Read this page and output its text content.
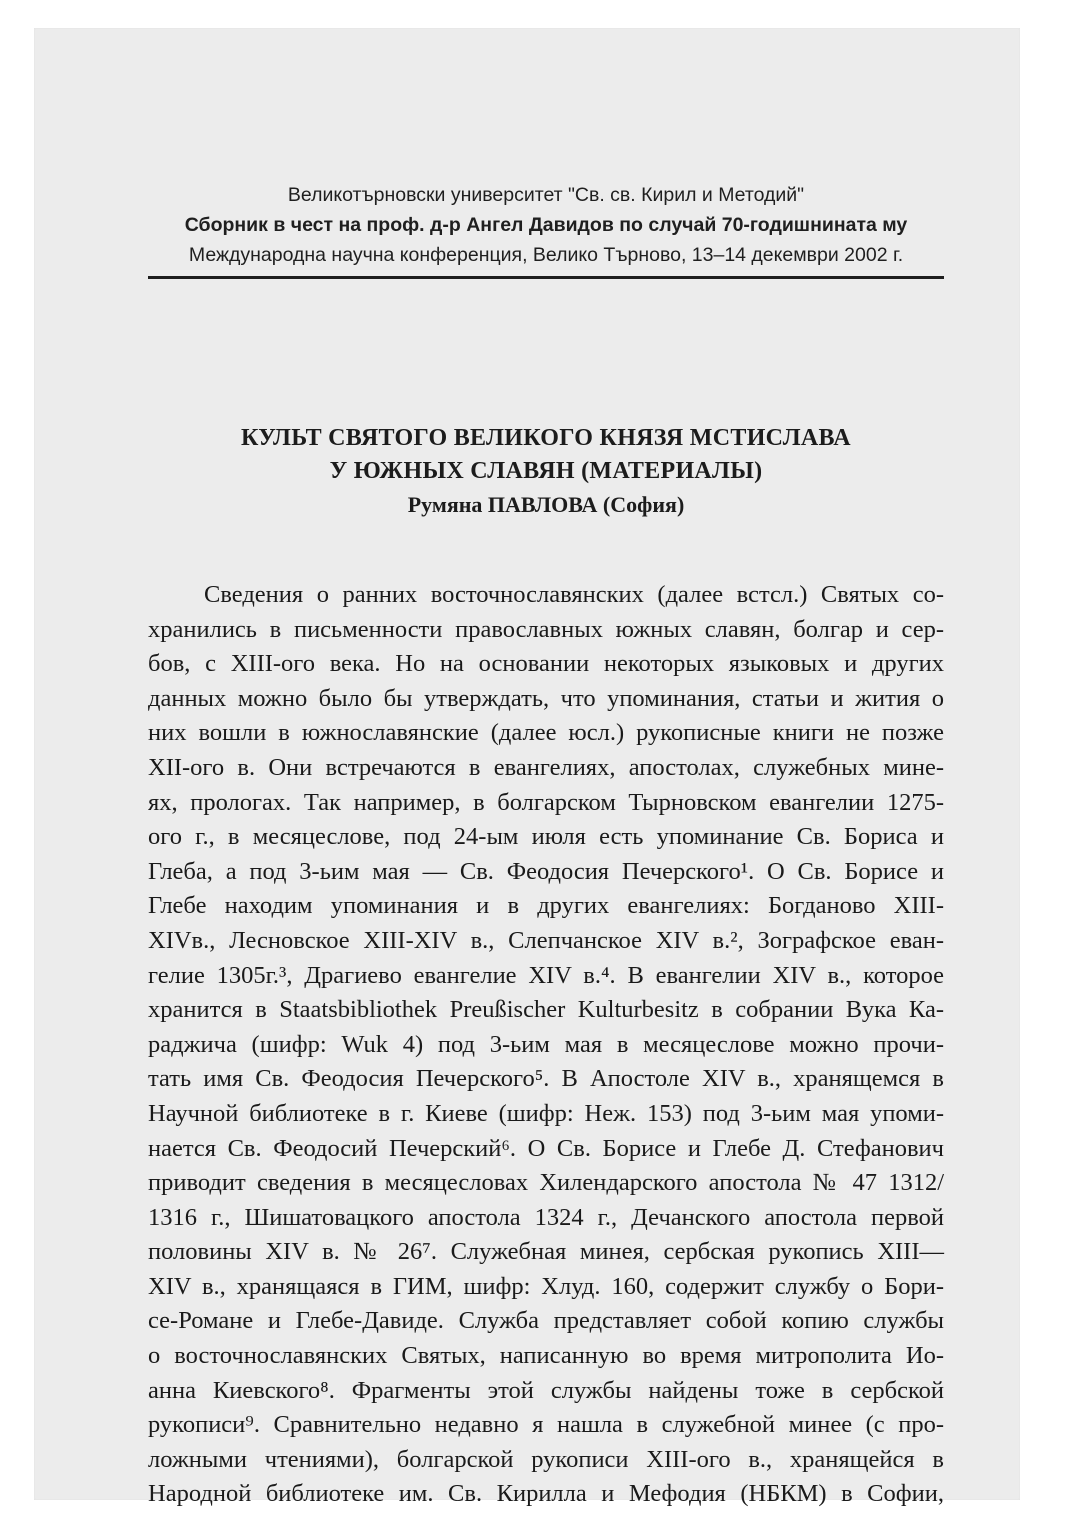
Великотърновски университет "Св. св. Кирил и Методий"
Сборник в чест на проф. д-р Ангел Давидов по случай 70-годишнината му
Международна научна конференция, Велико Търново, 13–14 декември 2002 г.
КУЛЬТ СВЯТОГО ВЕЛИКОГО КНЯЗЯ МСТИСЛАВА
У ЮЖНЫХ СЛАВЯН (МАТЕРИАЛЫ)
Румяна ПАВЛОВА (София)
Сведения о ранних восточнославянских (далее встсл.) Святых со-
хранились в письменности православных южных славян, болгар и сер-
бов, с XIII-ого века. Но на основании некоторых языковых и других
данных можно было бы утверждать, что упоминания, статьи и жития о
них вошли в южнославянские (далее юсл.) рукописные книги не позже
XII-ого в. Они встречаются в евангелиях, апостолах, служебных мине-
ях, прологах. Так например, в болгарском Тырновском евангелии 1275-
ого г., в месяцеслове, под 24-ым июля есть упоминание Св. Бориса и
Глеба, а под 3-ьим мая — Св. Феодосия Печерского¹. О Св. Борисе и
Глебе находим упоминания и в других евангелиях: Богданово XIII-
XIVв., Лесновское XIII-XIV в., Слепчанское XIV в.², Зографское еван-
гелие 1305г.³, Драгиево евангелие XIV в.⁴. В евангелии XIV в., которое
хранится в Staatsbibliothek Preußischer Kulturbesitz в собрании Вука Ка-
раджича (шифр: Wuk 4) под 3-ьим мая в месяцеслове можно прочи-
тать имя Св. Феодосия Печерского⁵. В Апостоле XIV в., хранящемся в
Научной библиотеке в г. Киеве (шифр: Неж. 153) под 3-ьим мая упоми-
нается Св. Феодосий Печерский⁶. О Св. Борисе и Глебе Д. Стефанович
приводит сведения в месяцесловах Хилендарского апостола № 47 1312/
1316 г., Шишатовацкого апостола 1324 г., Дечанского апостола первой
половины XIV в. № 26⁷. Служебная минея, сербская рукопись XIII—
XIV в., хранящаяся в ГИМ, шифр: Хлуд. 160, содержит службу о Бори-
се-Романе и Глебе-Давиде. Служба представляет собой копию службы
о восточнославянских Святых, написанную во время митрополита Ио-
анна Киевского⁸. Фрагменты этой службы найдены тоже в сербской
рукописи⁹. Сравнительно недавно я нашла в служебной минее (с про-
ложными чтениями), болгарской рукописи XIII-ого в., хранящейся в
Народной библиотеке им. Св. Кирилла и Мефодия (НБКМ) в Софии,
